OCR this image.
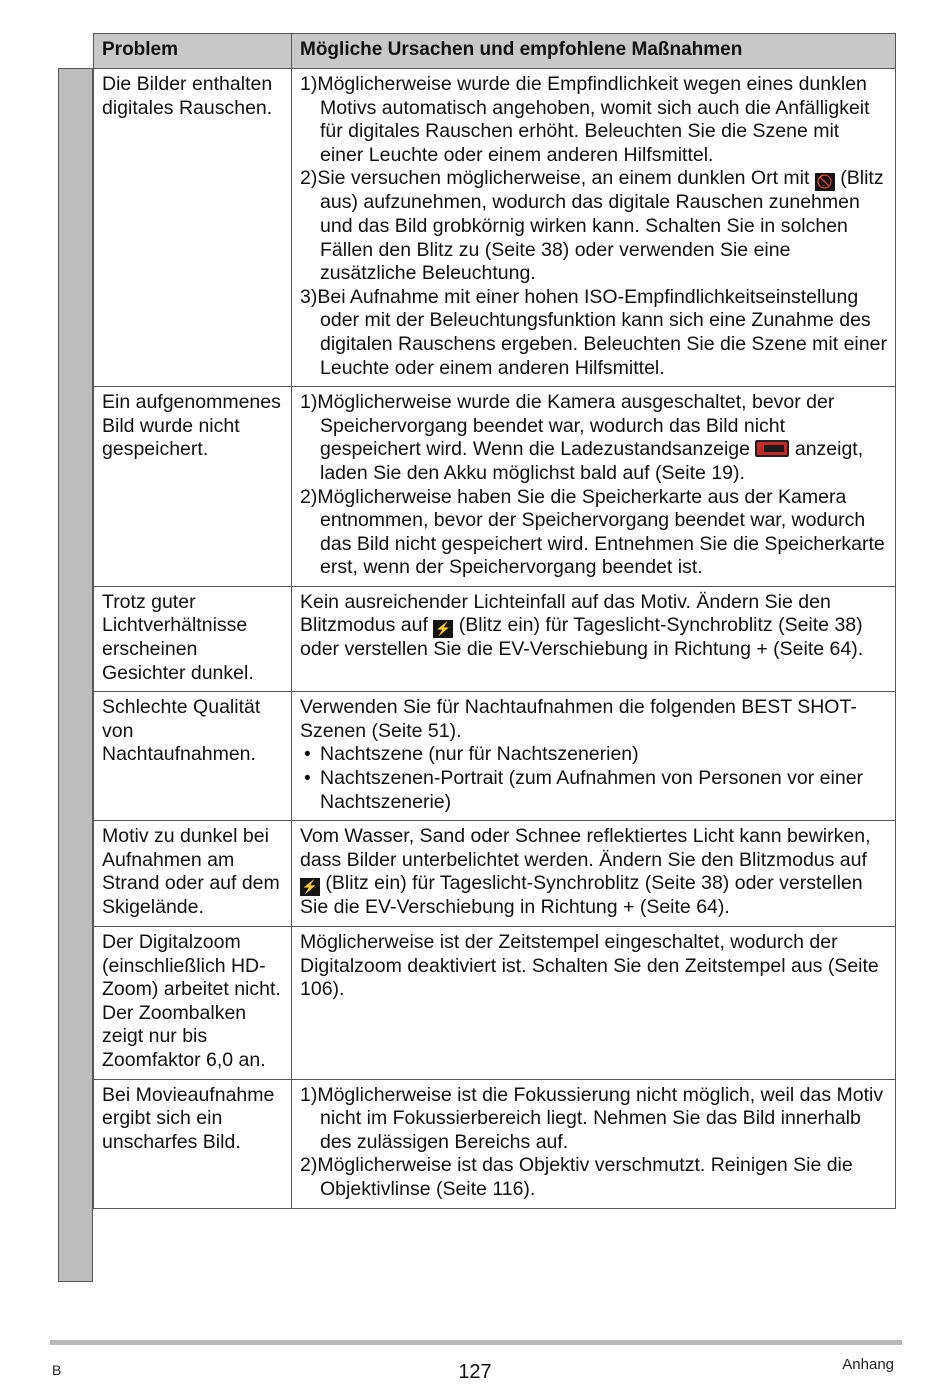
Problem	Mögliche Ursachen und empfohlene Maßnahmen
Die Bilder enthalten digitales Rauschen.	1)Möglicherweise wurde die Empfindlichkeit wegen eines dunklen Motivs automatisch angehoben, womit sich auch die Anfälligkeit für digitales Rauschen erhöht. Beleuchten Sie die Szene mit einer Leuchte oder einem anderen Hilfsmittel.

2)Sie versuchen möglicherweise, an einem dunklen Ort mit 🚫 (Blitz aus) aufzunehmen, wodurch das digitale Rauschen zunehmen und das Bild grobkörnig wirken kann. Schalten Sie in solchen Fällen den Blitz zu (Seite 38) oder verwenden Sie eine zusätzliche Beleuchtung.

3)Bei Aufnahme mit einer hohen ISO-Empfindlichkeitseinstellung oder mit der Beleuchtungsfunktion kann sich eine Zunahme des digitalen Rauschens ergeben. Beleuchten Sie die Szene mit einer Leuchte oder einem anderen Hilfsmittel.

Ein aufgenommenes Bild wurde nicht gespeichert.	1)Möglicherweise wurde die Kamera ausgeschaltet, bevor der Speichervorgang beendet war, wodurch das Bild nicht gespeichert wird. Wenn die Ladezustandsanzeige anzeigt, laden Sie den Akku möglichst bald auf (Seite 19).

2)Möglicherweise haben Sie die Speicherkarte aus der Kamera entnommen, bevor der Speichervorgang beendet war, wodurch das Bild nicht gespeichert wird. Entnehmen Sie die Speicherkarte erst, wenn der Speichervorgang beendet ist.

Trotz guter Lichtverhältnisse erscheinen Gesichter dunkel.	Kein ausreichender Lichteinfall auf das Motiv. Ändern Sie den Blitzmodus auf ⚡ (Blitz ein) für Tageslicht-Synchroblitz (Seite 38) oder verstellen Sie die EV-Verschiebung in Richtung + (Seite 64).

Schlechte Qualität von Nachtaufnahmen.	Verwenden Sie für Nachtaufnahmen die folgenden BEST SHOT-Szenen (Seite 51).

• Nachtszene (nur für Nachtszenerien)

• Nachtszenen-Portrait (zum Aufnahmen von Personen vor einer Nachtszenerie)

Motiv zu dunkel bei Aufnahmen am Strand oder auf dem Skigelände.	Vom Wasser, Sand oder Schnee reflektiertes Licht kann bewirken, dass Bilder unterbelichtet werden. Ändern Sie den Blitzmodus auf ⚡ (Blitz ein) für Tageslicht-Synchroblitz (Seite 38) oder verstellen Sie die EV-Verschiebung in Richtung + (Seite 64).

Der Digitalzoom (einschließlich HD-Zoom) arbeitet nicht. Der Zoombalken zeigt nur bis Zoomfaktor 6,0 an.	Möglicherweise ist der Zeitstempel eingeschaltet, wodurch der Digitalzoom deaktiviert ist. Schalten Sie den Zeitstempel aus (Seite 106).

Bei Movieaufnahme ergibt sich ein unscharfes Bild.	1)Möglicherweise ist die Fokussierung nicht möglich, weil das Motiv nicht im Fokussierbereich liegt. Nehmen Sie das Bild innerhalb des zulässigen Bereichs auf.

2)Möglicherweise ist das Objektiv verschmutzt. Reinigen Sie die Objektivlinse (Seite 116).

B	127	Anhang
